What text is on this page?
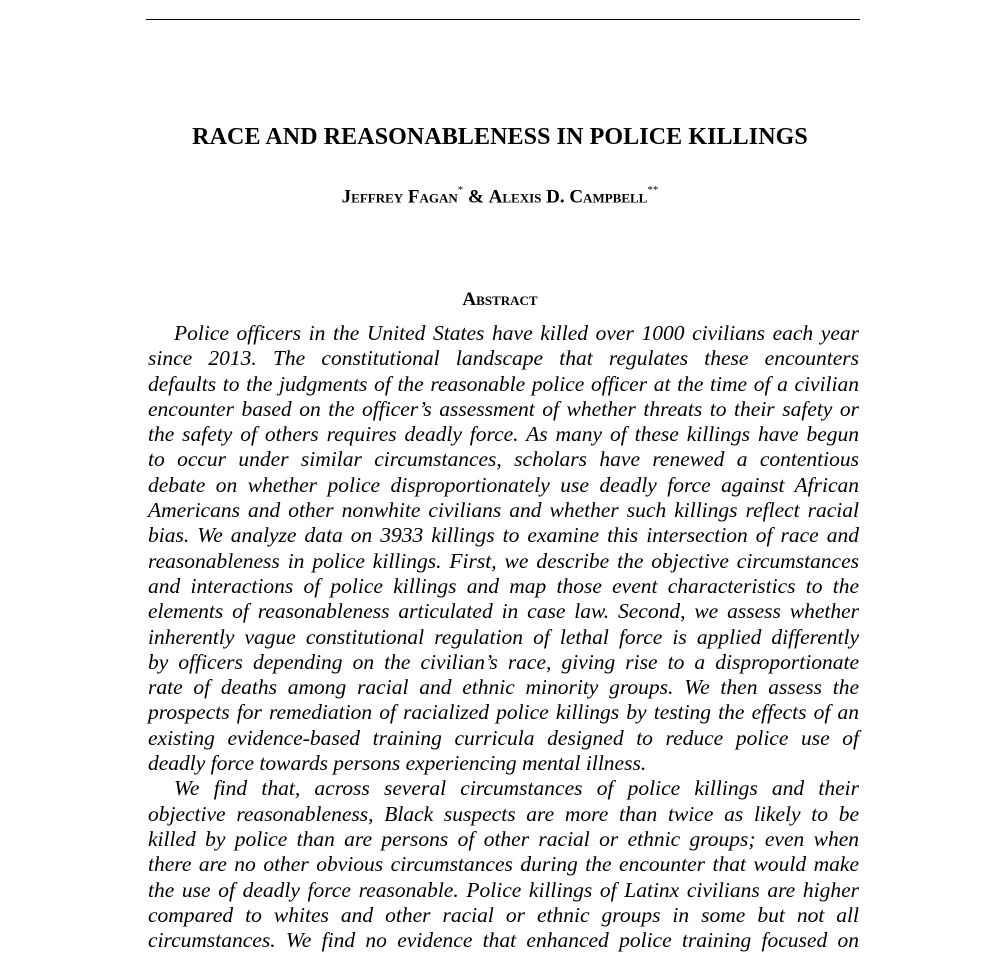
RACE AND REASONABLENESS IN POLICE KILLINGS

Jeffrey Fagan* & Alexis D. Campbell**

Abstract
Police officers in the United States have killed over 1000 civilians each year
since 2013. The constitutional landscape that regulates these encounters
defaults to the judgments of the reasonable police officer at the time of a civilian
encounter based on the officer’s assessment of whether threats to their safety or
the safety of others requires deadly force. As many of these killings have begun
to occur under similar circumstances, scholars have renewed a contentious
debate on whether police disproportionately use deadly force against African
Americans and other nonwhite civilians and whether such killings reflect racial
bias. We analyze data on 3933 killings to examine this intersection of race and
reasonableness in police killings. First, we describe the objective circumstances
and interactions of police killings and map those event characteristics to the
elements of reasonableness articulated in case law. Second, we assess whether
inherently vague constitutional regulation of lethal force is applied differently
by officers depending on the civilian’s race, giving rise to a disproportionate
rate of deaths among racial and ethnic minority groups. We then assess the
prospects for remediation of racialized police killings by testing the effects of an
existing evidence-based training curricula designed to reduce police use of
deadly force towards persons experiencing mental illness.
We find that, across several circumstances of police killings and their
objective reasonableness, Black suspects are more than twice as likely to be
killed by police than are persons of other racial or ethnic groups; even when
there are no other obvious circumstances during the encounter that would make
the use of deadly force reasonable. Police killings of Latinx civilians are higher
compared to whites and other racial or ethnic groups in some but not all
circumstances. We find no evidence that enhanced police training focused on
